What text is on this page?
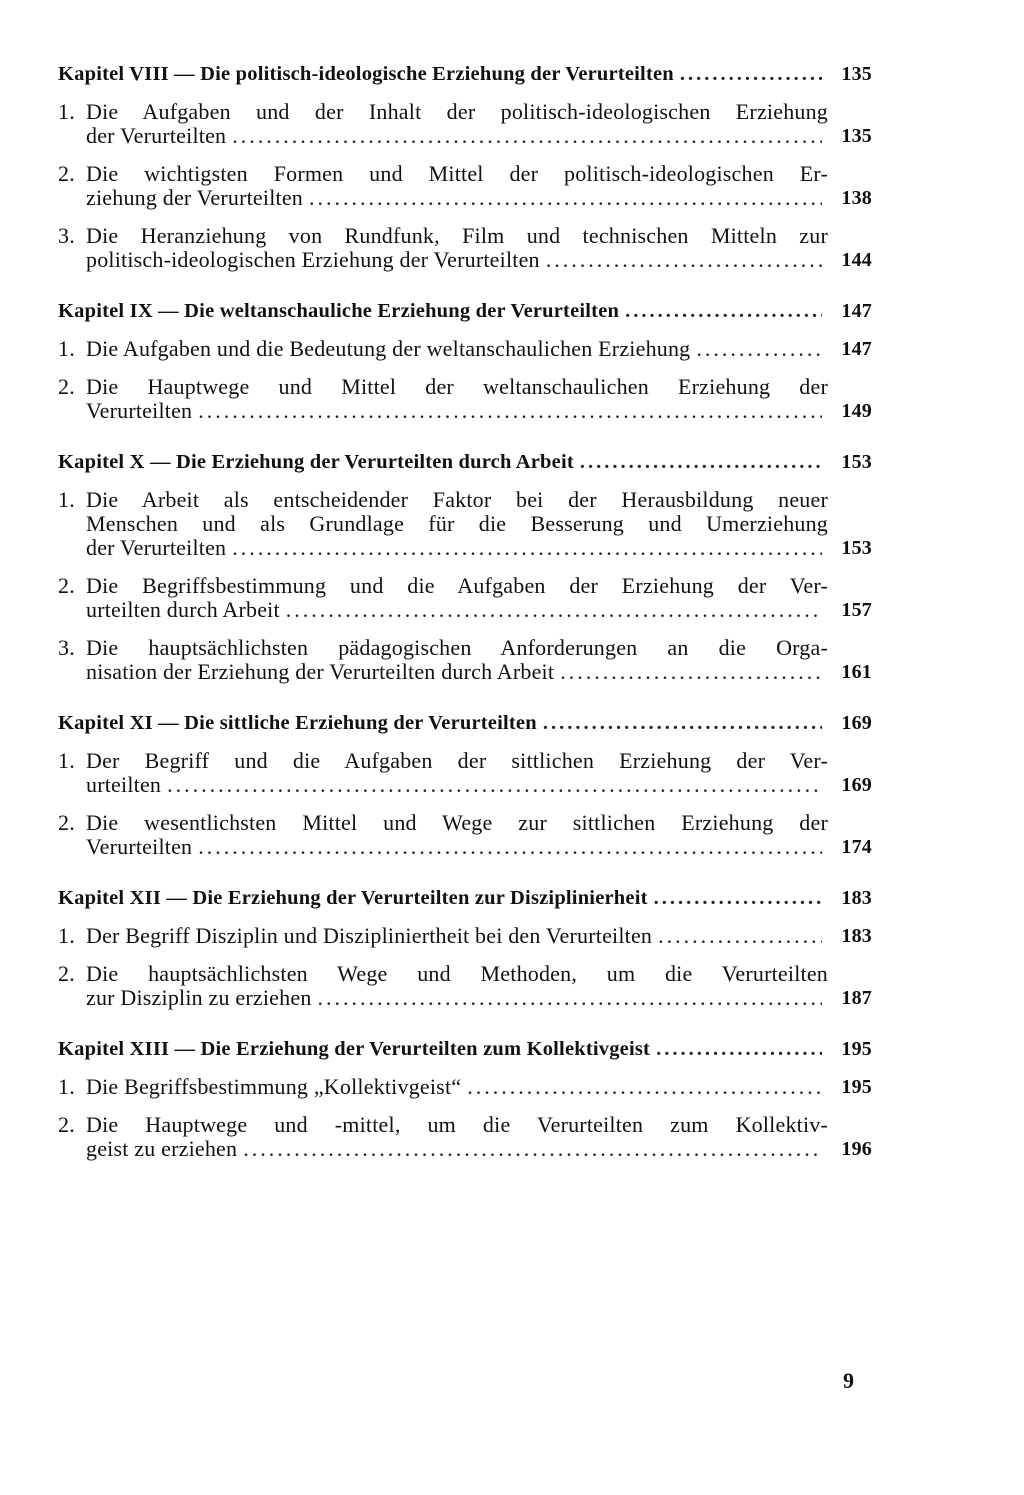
Kapitel VIII — Die politisch-ideologische Erziehung der Verurteilten .....	135
1. Die Aufgaben und der Inhalt der politisch-ideologischen Erziehung
der Verurteilten .....	135
2. Die wichtigsten Formen und Mittel der politisch-ideologischen Er-
ziehung der Verurteilten .....	138
3. Die Heranziehung von Rundfunk, Film und technischen Mitteln zur
politisch-ideologischen Erziehung der Verurteilten .....	144
Kapitel IX — Die weltanschauliche Erziehung der Verurteilten .....	147
1. Die Aufgaben und die Bedeutung der weltanschaulichen Erziehung .....	147
2. Die Hauptwege und Mittel der weltanschaulichen Erziehung der
Verurteilten .....	149
Kapitel X — Die Erziehung der Verurteilten durch Arbeit .....	153
1. Die Arbeit als entscheidender Faktor bei der Herausbildung neuer
Menschen und als Grundlage für die Besserung und Umerziehung
der Verurteilten .....	153
2. Die Begriffsbestimmung und die Aufgaben der Erziehung der Ver-
urteilten durch Arbeit .....	157
3. Die hauptsächlichsten pädagogischen Anforderungen an die Orga-
nisation der Erziehung der Verurteilten durch Arbeit .....	161
Kapitel XI — Die sittliche Erziehung der Verurteilten .....	169
1. Der Begriff und die Aufgaben der sittlichen Erziehung der Ver-
urteilten .....	169
2. Die wesentlichsten Mittel und Wege zur sittlichen Erziehung der
Verurteilten .....	174
Kapitel XII — Die Erziehung der Verurteilten zur Disziplinierheit .....	183
1. Der Begriff Disziplin und Diszipliniertheit bei den Verurteilten .....	183
2. Die hauptsächlichsten Wege und Methoden, um die Verurteilten
zur Disziplin zu erziehen .....	187
Kapitel XIII — Die Erziehung der Verurteilten zum Kollektivgeist .....	195
1. Die Begriffsbestimmung „Kollektivgeist“ .....	195
2. Die Hauptwege und -mittel, um die Verurteilten zum Kollektiv-
geist zu erziehen .....	196
9
